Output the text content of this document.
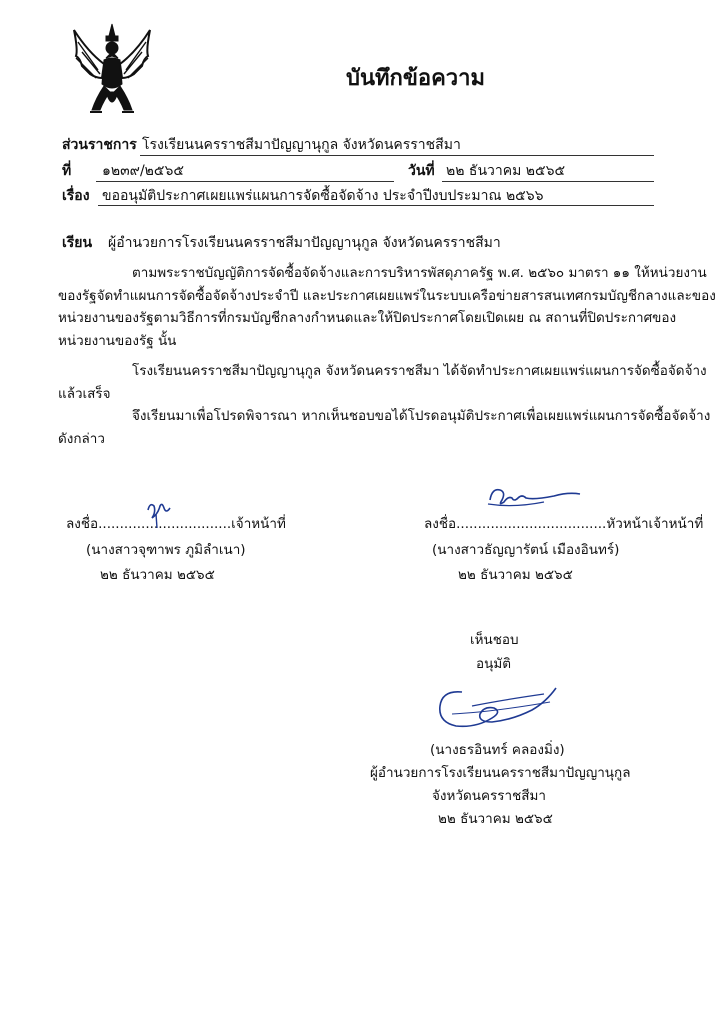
บันทึกข้อความ
ส่วนราชการ โรงเรียนนครราชสีมาปัญญานุกูล จังหวัดนครราชสีมา
ที่ ๑๒๓๙/๒๕๖๕	วันที่ ๒๒ ธันวาคม ๒๕๖๕
เรื่อง ขออนุมัติประกาศเผยแพร่แผนการจัดซื้อจัดจ้าง ประจำปีงบประมาณ ๒๕๖๖
เรียน ผู้อำนวยการโรงเรียนนครราชสีมาปัญญานุกูล จังหวัดนครราชสีมา
ตามพระราชบัญญัติการจัดซื้อจัดจ้างและการบริหารพัสดุภาครัฐ พ.ศ. ๒๕๖๐ มาตรา ๑๑ ให้หน่วยงาน
ของรัฐจัดทำแผนการจัดซื้อจัดจ้างประจำปี และประกาศเผยแพร่ในระบบเครือข่ายสารสนเทศกรมบัญชีกลางและของ
หน่วยงานของรัฐตามวิธีการที่กรมบัญชีกลางกำหนดและให้ปิดประกาศโดยเปิดเผย ณ สถานที่ปิดประกาศของ
หน่วยงานของรัฐ นั้น
โรงเรียนนครราชสีมาปัญญานุกูล จังหวัดนครราชสีมา ได้จัดทำประกาศเผยแพร่แผนการจัดซื้อจัดจ้าง
แล้วเสร็จ
จึงเรียนมาเพื่อโปรดพิจารณา หากเห็นชอบขอได้โปรดอนุมัติประกาศเพื่อเผยแพร่แผนการจัดซื้อจัดจ้าง
ดังกล่าว
ลงชื่อ...............................เจ้าหน้าที่
(นางสาวจุฑาพร ภูมิลำเนา)
๒๒ ธันวาคม ๒๕๖๕
ลงชื่อ...................................หัวหน้าเจ้าหน้าที่
(นางสาวธัญญารัตน์ เมืองอินทร์)
๒๒ ธันวาคม ๒๕๖๕
เห็นชอบ
อนุมัติ
(นางธรอินทร์ คลองมิ่ง)
ผู้อำนวยการโรงเรียนนครราชสีมาปัญญานุกูล
จังหวัดนครราชสีมา
๒๒ ธันวาคม ๒๕๖๕
